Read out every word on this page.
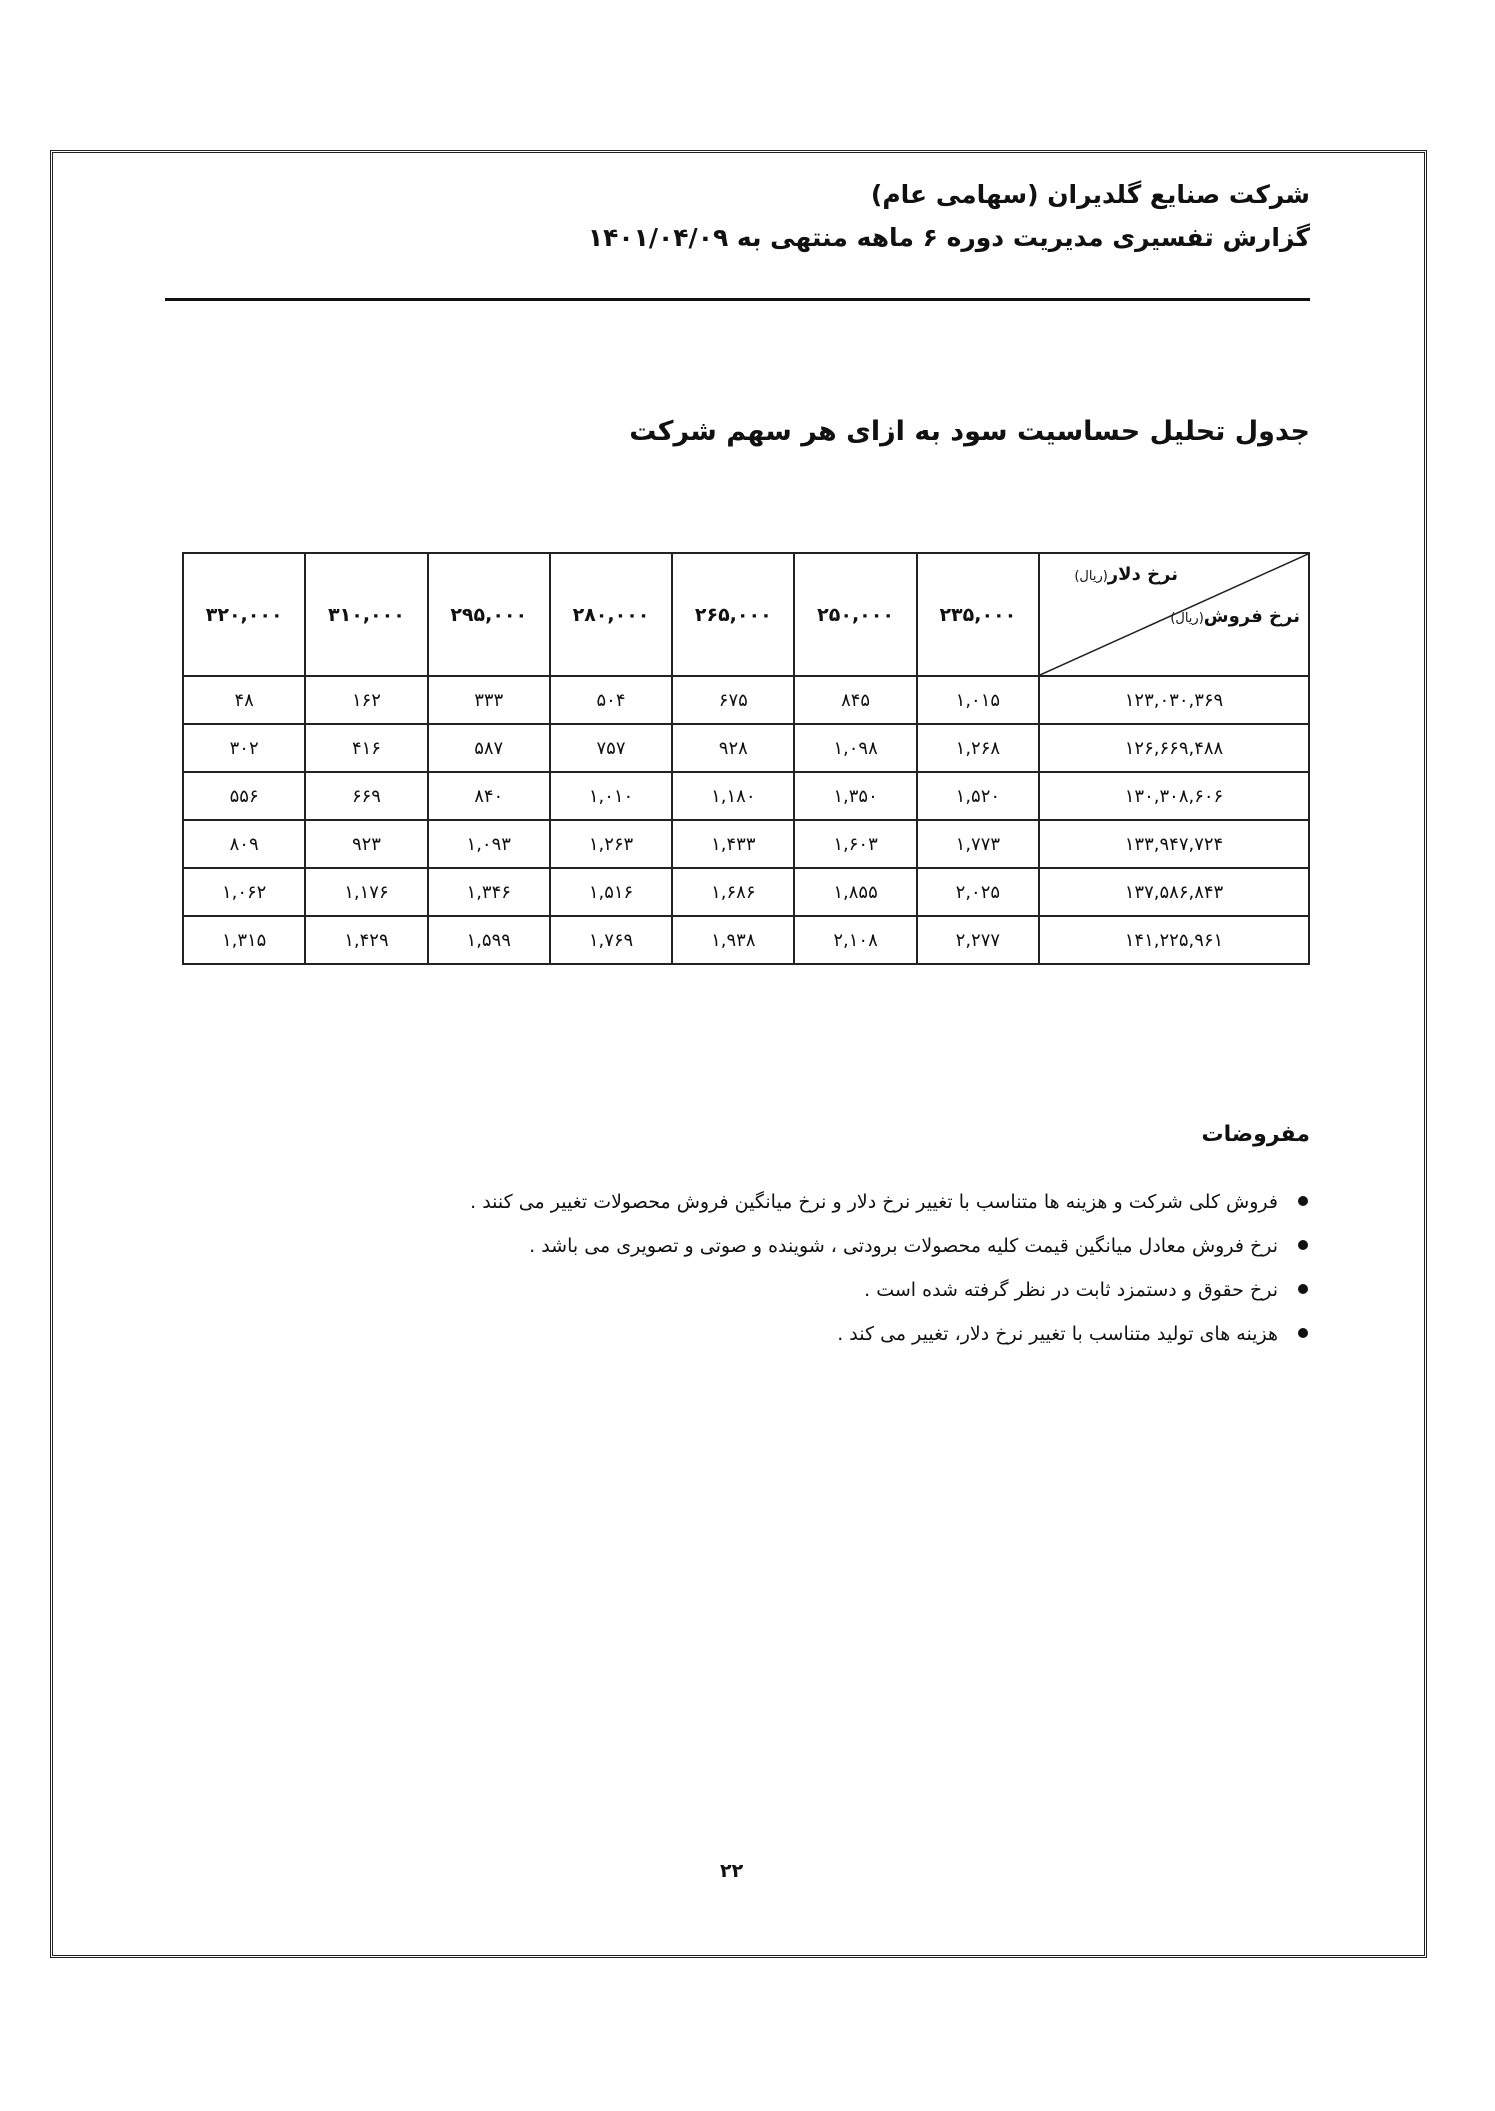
شرکت صنایع گلدیران (سهامی عام)

گزارش تفسیری مدیریت دوره ۶ ماهه منتهی به ۱۴۰۱/۰۴/۰۹

جدول تحلیل حساسیت سود به ازای هر سهم شرکت
نرخ دلار(ریال)
نرخ فروش(ریال)	۲۳۵,۰۰۰	۲۵۰,۰۰۰	۲۶۵,۰۰۰	۲۸۰,۰۰۰	۲۹۵,۰۰۰	۳۱۰,۰۰۰	۳۲۰,۰۰۰
۱۲۳,۰۳۰,۳۶۹	۱,۰۱۵	۸۴۵	۶۷۵	۵۰۴	۳۳۳	۱۶۲	۴۸
۱۲۶,۶۶۹,۴۸۸	۱,۲۶۸	۱,۰۹۸	۹۲۸	۷۵۷	۵۸۷	۴۱۶	۳۰۲
۱۳۰,۳۰۸,۶۰۶	۱,۵۲۰	۱,۳۵۰	۱,۱۸۰	۱,۰۱۰	۸۴۰	۶۶۹	۵۵۶
۱۳۳,۹۴۷,۷۲۴	۱,۷۷۳	۱,۶۰۳	۱,۴۳۳	۱,۲۶۳	۱,۰۹۳	۹۲۳	۸۰۹
۱۳۷,۵۸۶,۸۴۳	۲,۰۲۵	۱,۸۵۵	۱,۶۸۶	۱,۵۱۶	۱,۳۴۶	۱,۱۷۶	۱,۰۶۲
۱۴۱,۲۲۵,۹۶۱	۲,۲۷۷	۲,۱۰۸	۱,۹۳۸	۱,۷۶۹	۱,۵۹۹	۱,۴۲۹	۱,۳۱۵
مفروضات
فروش کلی شرکت و هزینه ها متناسب با تغییر نرخ دلار و نرخ میانگین فروش محصولات تغییر می کنند .
نرخ فروش معادل میانگین قیمت کلیه محصولات برودتی ، شوینده و صوتی و تصویری می باشد .
نرخ حقوق و دستمزد ثابت در نظر گرفته شده است .
هزینه های تولید متناسب با تغییر نرخ دلار، تغییر می کند .
۲۲
